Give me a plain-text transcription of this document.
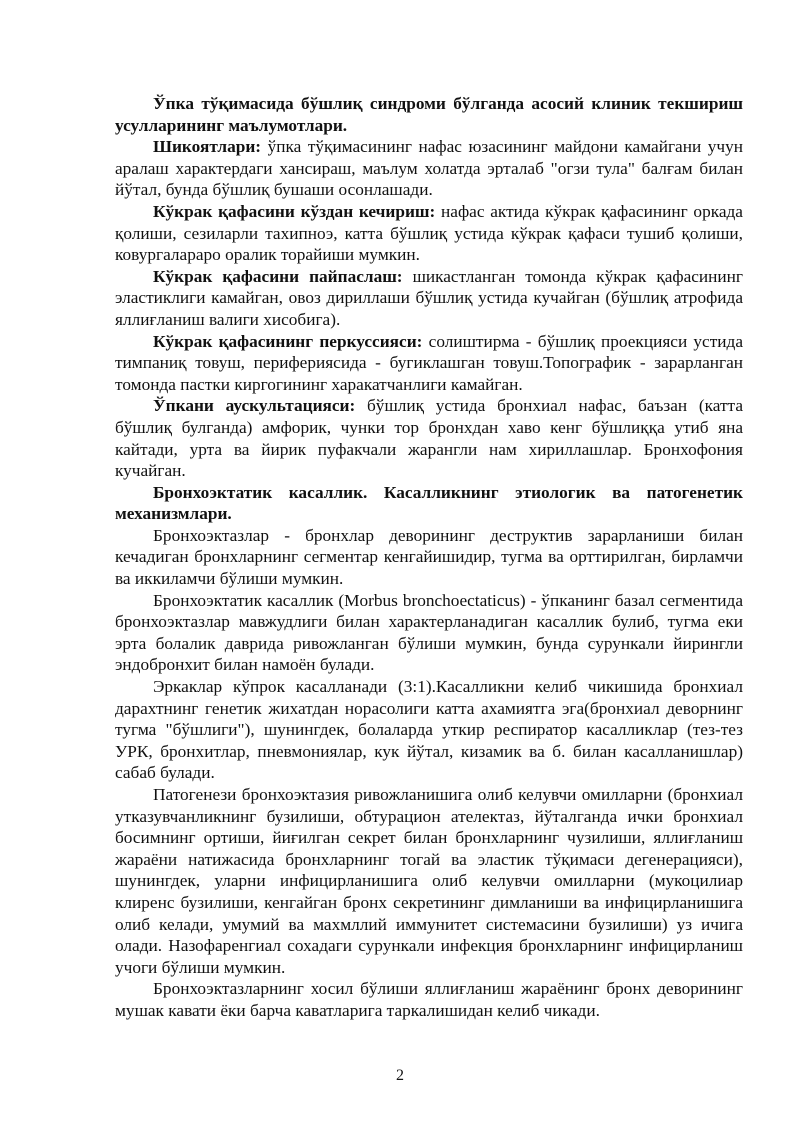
Ўпка тўқимасида бўшлиқ синдроми бўлганда асосий клиник текшириш усулларининг маълумотлари.

Шикоятлари: ўпка тўқимасининг нафас юзасининг майдони камайгани учун аралаш характердаги хансираш, маълум холатда эрталаб "огзи тула" балғам билан йўтал, бунда бўшлиқ бушаши осонлашади.

Кўкрак қафасини кўздан кечириш: нафас актида кўкрак қафасининг оркада қолиши, сезиларли тахипноэ, катта бўшлиқ устида кўкрак қафаси тушиб қолиши, ковургаларaро оралик торайиши мумкин.

Кўкрак қафасини пайпаслаш: шикастланган томонда кўкрак қафасининг эластиклиги камайган, овоз дириллаши бўшлиқ устида кучайган (бўшлиқ атрофида яллиғланиш валиги хисобига).

Кўкрак қафасининг перкуссияси: солиштирма - бўшлиқ проекцияси устида тимпаниқ товуш, периферияcида - бугиклашган товуш.Топографик - зарарланган томонда пастки киргогининг харакатчанлиги камайган.

Ўпкани аускультацияси: бўшлиқ устида бронхиал нафас, баъзан (катта бўшлиқ булганда) амфорик, чунки тор бронхдан хаво кенг бўшлиққа утиб яна кайтади, урта ва йирик пуфакчали жарангли нам хириллашлар. Бронхофония кучайган.

Бронхоэктатик касаллик. Касалликнинг этиологик ва патогенетик механизмлари.

Бронхоэктазлар - бронхлар деворининг деструктив зарарланиши билан кечадиган бронхларнинг сегментар кенгайишидир, тугма ва орттирилган, бирламчи ва иккиламчи бўлиши мумкин.

Бронхоэктатик касаллик (Morbus bronchoectaticus) - ўпканинг базал сегментида бронхоэктазлар мавжудлиги билан характерланадиган касаллик булиб, тугма еки эрта болалик даврида ривожланган бўлиши мумкин, бунда сурункали йирингли эндобронхит билан намоён булади.

Эркаклар кўпрок касалланади (3:1).Касалликни келиб чикишида бронхиал дарахтнинг генетик жихатдан норасолиги катта ахамиятга эга(бронхиал девoрнинг тугма "бўшлиги"), шунингдек, болаларда уткир респиратор касалликлар (тез-тез УРК, бронхитлар, пневмониялар, кук йўтал, кизамик ва б. билан касалланишлар) сабаб булади.

Патогенези бронхоэктазия ривожланишига олиб келувчи омилларни (бронхиал утказувчанликнинг бузилиши, обтурацион ателектаз, йўталганда ички бронхиал босимнинг ортиши, йиғилган секрет билан бронхларнинг чузилиши, яллиғланиш жараёни натижасида бронхларнинг тогай ва эластик тўқимаси дегенерацияси), шунингдек, уларни инфицирланишига олиб келувчи омилларни (мукоцилиар клиренс бузилиши, кенгайган бронх секретининг димланиши ва инфицирланишига олиб келади, умумий ва махмллий иммунитет системасини бузилиши) уз ичига олади. Назофаренгиал сохадаги сурункали инфекция бронхларнинг инфицирланиш учоги бўлиши мумкин.

Бронхоэктазларнинг хосил бўлиши яллиғланиш жараёнинг бронх деворининг мушак кавати ёки барча каватларига таркалишидан келиб чикади.

2
